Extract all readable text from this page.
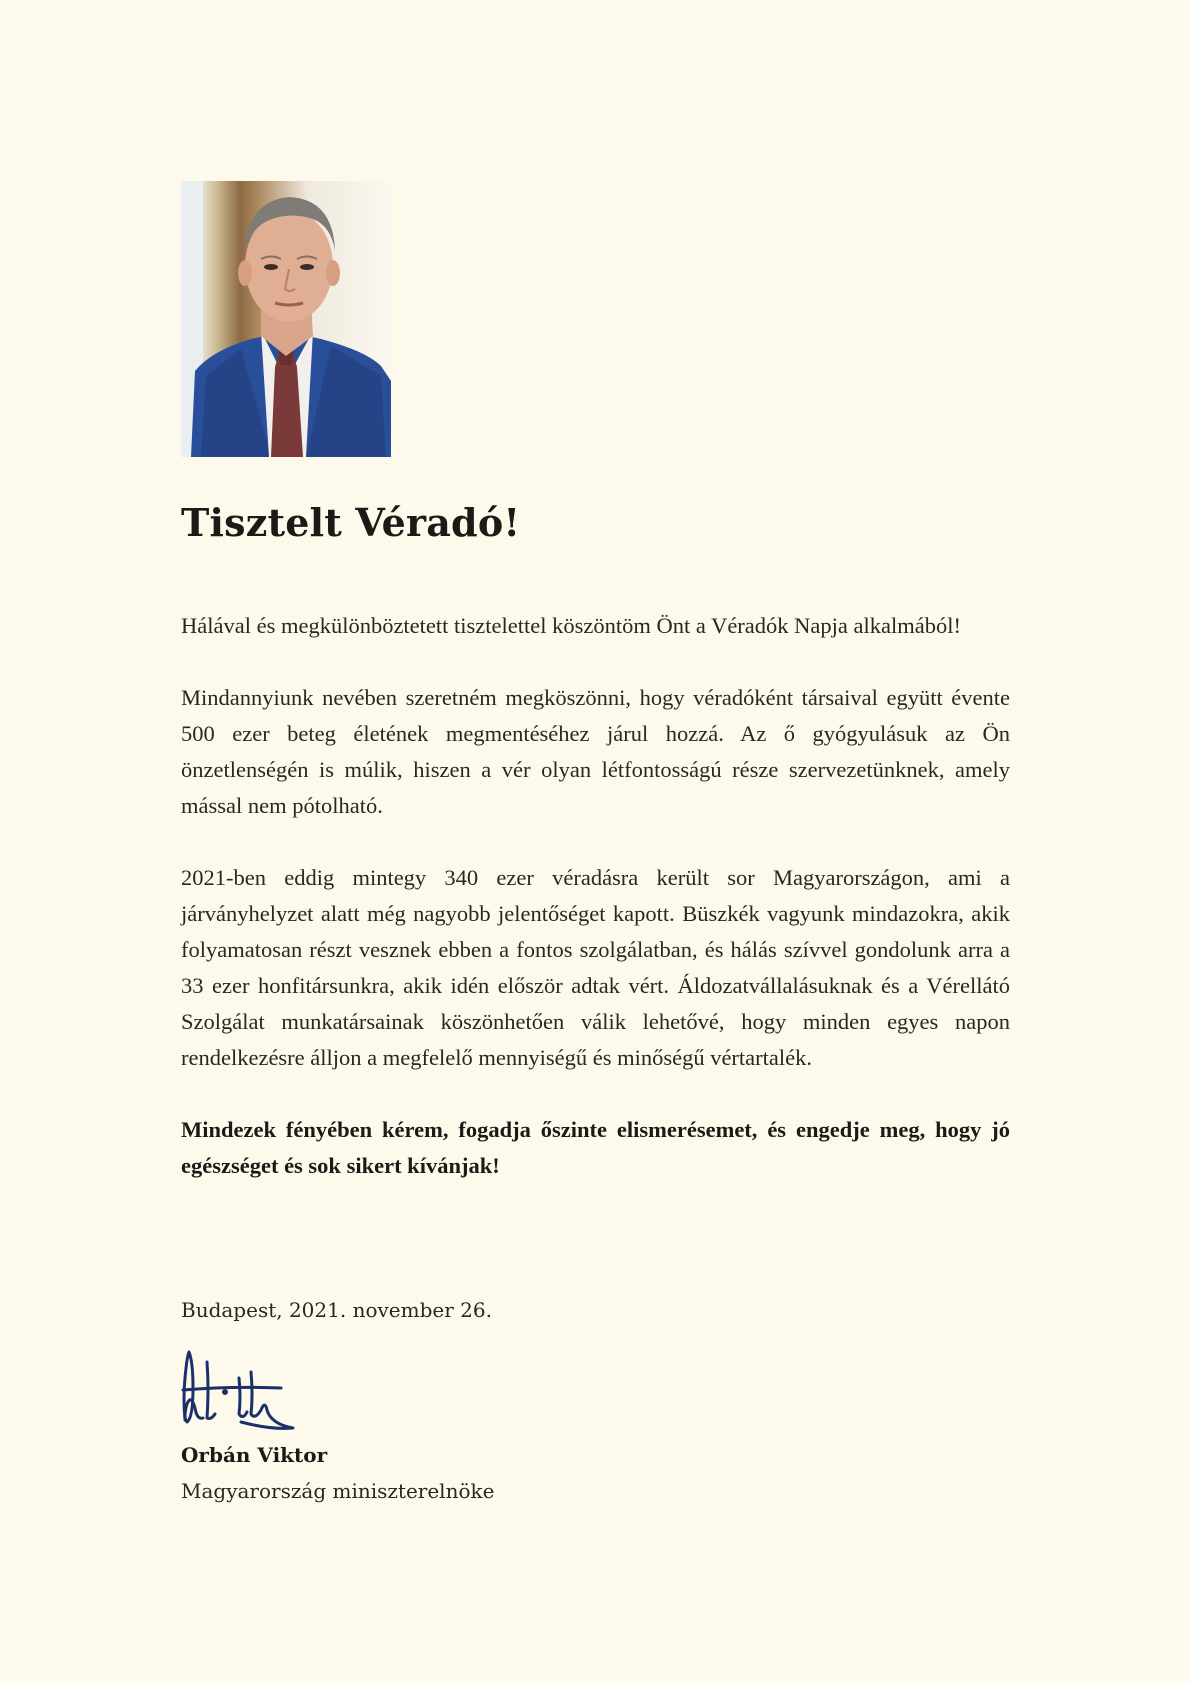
Tisztelt Véradó!

Hálával és megkülönböztetett tisztelettel köszöntöm Önt a Véradók Napja alkalmából!

Mindannyiunk nevében szeretném megköszönni, hogy véradóként társaival együtt évente 500 ezer beteg életének megmentéséhez járul hozzá. Az ő gyógyulásuk az Ön önzetlenségén is múlik, hiszen a vér olyan létfontosságú része szervezetünknek, amely mással nem pótolható.

2021-ben eddig mintegy 340 ezer véradásra került sor Magyarországon, ami a járványhelyzet alatt még nagyobb jelentőséget kapott. Büszkék vagyunk mindazokra, akik folyamatosan részt vesznek ebben a fontos szolgálatban, és hálás szívvel gondolunk arra a 33 ezer honfitársunkra, akik idén először adtak vért. Áldozatvállalásuknak és a Vérellátó Szolgálat munkatársainak köszönhetően válik lehetővé, hogy minden egyes napon rendelkezésre álljon a megfelelő mennyiségű és minőségű vértartalék.

Mindezek fényében kérem, fogadja őszinte elismerésemet, és engedje meg, hogy jó egészséget és sok sikert kívánjak!

Budapest, 2021. november 26.
Orbán Viktor
Magyarország miniszterelnöke
